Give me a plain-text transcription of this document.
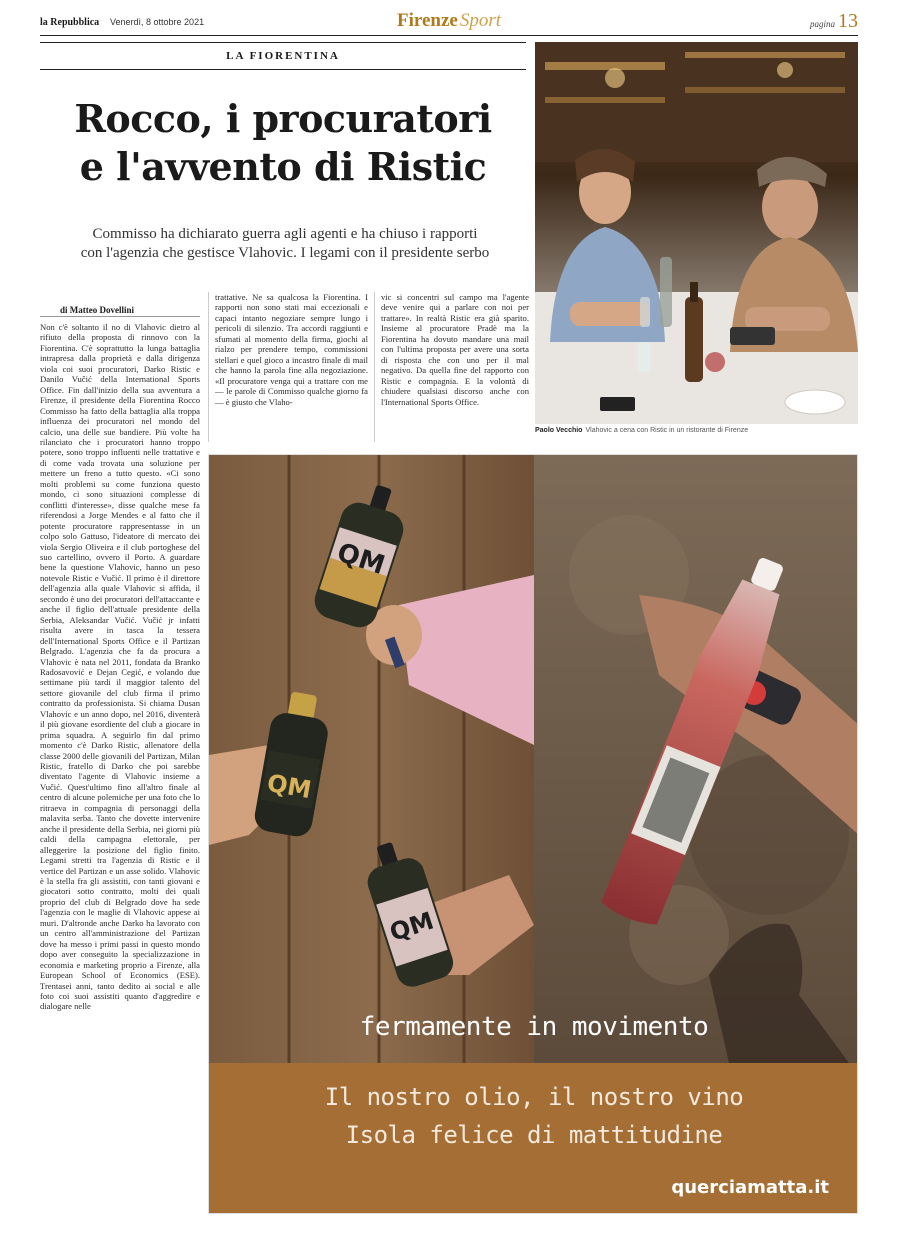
la Repubblica Venerdì, 8 ottobre 2021	Firenze Sport	pagina 13
LA FIORENTINA
Rocco, i procuratori
e l'avvento di Ristic
Commisso ha dichiarato guerra agli agenti e ha chiuso i rapporti
con l'agenzia che gestisce Vlahovic. I legami con il presidente serbo
Paolo Vecchio Vlahovic a cena con Ristic in un ristorante di Firenze
di Matteo Dovellini
Non c'è soltanto il no di Vlahovic dietro al rifiuto della proposta di rinnovo con la Fiorentina. C'è soprattutto la lunga battaglia intrapresa dalla proprietà e dalla dirigenza viola coi suoi procuratori, Darko Ristic e Danilo Vučić della International Sports Office. Fin dall'inizio della sua avventura a Firenze, il presidente della Fiorentina Rocco Commisso ha fatto della battaglia alla troppa influenza dei procuratori nel mondo del calcio, una delle sue bandiere. Più volte ha rilanciato che i procuratori hanno troppo potere, sono troppo influenti nelle trattative e di come vada trovata una soluzione per mettere un freno a tutto questo. «Ci sono molti problemi su come funziona questo mondo, ci sono situazioni complesse di conflitti d'interesse», disse qualche mese fa riferendosi a Jorge Mendes e al fatto che il potente procuratore rappresentasse in un colpo solo Gattuso, l'ideatore di mercato dei viola Sergio Oliveira e il club portoghese del suo cartellino, ovvero il Porto. A guardare bene la questione Vlahovic, hanno un peso notevole Ristic e Vučić. Il primo è il direttore dell'agenzia alla quale Vlahovic si affida, il secondo è uno dei procuratori dell'attaccante e anche il figlio dell'attuale presidente della Serbia, Aleksandar Vučić. Vučić jr infatti risulta avere in tasca la tessera dell'International Sports Office e il Partizan Belgrado. L'agenzia che fa da procura a Vlahovic è nata nel 2011, fondata da Branko Radosavović e Dejan Cegić, e volando due settimane più tardi il maggior talento del settore giovanile del club firma il primo contratto da professionista. Si chiama Dusan Vlahovic e un anno dopo, nel 2016, diventerà il più giovane esordiente del club a giocare in prima squadra. A seguirlo fin dal primo momento c'è Darko Ristic, allenatore della classe 2000 delle giovanili del Partizan, Milan Ristic, fratello di Darko che poi sarebbe diventato l'agente di Vlahovic insieme a Vučić. Quest'ultimo fino all'altro finale al centro di alcune polemiche per una foto che lo ritraeva in compagnia di personaggi della malavita serba. Tanto che dovette intervenire anche il presidente della Serbia, nei giorni più caldi della campagna elettorale, per alleggerire la posizione del figlio finito. Legami stretti tra l'agenzia di Ristic e il vertice del Partizan e un asse solido. Vlahovic è la stella fra gli assistiti, con tanti giovani e giocatori sotto contratto, molti dei quali proprio del club di Belgrado dove ha sede l'agenzia con le maglie di Vlahovic appese ai muri. D'altronde anche Darko ha lavorato con un centro all'amministrazione del Partizan dove ha messo i primi passi in questo mondo dopo aver conseguito la specializzazione in economia e marketing proprio a Firenze, alla European School of Economics (ESE). Trentasei anni, tanto dedito ai social e alle foto coi suoi assistiti quanto d'aggredire e dialogare nelle
trattative. Ne sa qualcosa la Fiorentina. I rapporti non sono stati mai eccezionali e capaci intanto negoziare sempre lungo i pericoli di silenzio. Tra accordi raggiunti e sfumati al momento della firma, giochi al rialzo per prendere tempo, commissioni stellari e quel gioco a incastro finale di mail che hanno la parola fine alla negoziazione. «Il procuratore venga qui a trattare con me — le parole di Commisso qualche giorno fa — è giusto che Vlaho-
vic si concentri sul campo ma l'agente deve venire qui a parlare con noi per trattare». In realtà Ristic era già sparito. Insieme al procuratore Pradè ma la Fiorentina ha dovuto mandare una mail con l'ultima proposta per avere una sorta di risposta che con uno per il mal negativo. Da quella fine del rapporto con Ristic e compagnia. E la volontà di chiudere qualsiasi discorso anche con l'International Sports Office.
QM
QM
QM
fermamente in movimento
Il nostro olio, il nostro vino
Isola felice di mattitudine
querciamatta.it
